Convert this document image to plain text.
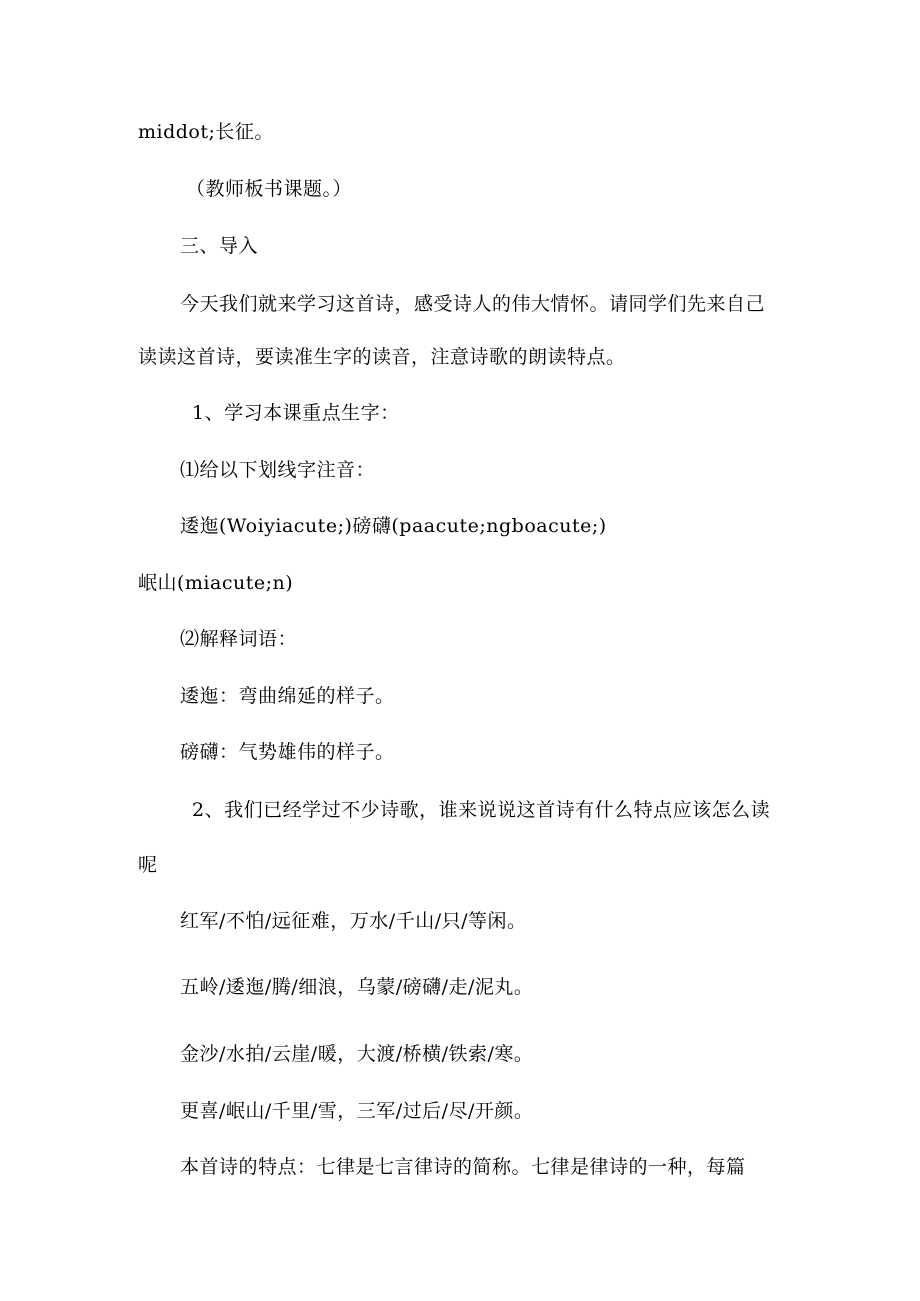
middot;长征。
（教师板书课题。）
三、导入
今天我们就来学习这首诗，感受诗人的伟大情怀。请同学们先来自己
读读这首诗，要读准生字的读音，注意诗歌的朗读特点。
1、学习本课重点生字：
⑴给以下划线字注音：
逶迤(Woiyiacute;)磅礴(paacute;ngboacute;)
岷山(miacute;n)
⑵解释词语：
逶迤：弯曲绵延的样子。
磅礴：气势雄伟的样子。
2、我们已经学过不少诗歌，谁来说说这首诗有什么特点应该怎么读
呢
红军/不怕/远征难，万水/千山/只/等闲。
五岭/逶迤/腾/细浪，乌蒙/磅礴/走/泥丸。
金沙/水拍/云崖/暖，大渡/桥横/铁索/寒。
更喜/岷山/千里/雪，三军/过后/尽/开颜。
本首诗的特点：七律是七言律诗的简称。七律是律诗的一种，每篇
